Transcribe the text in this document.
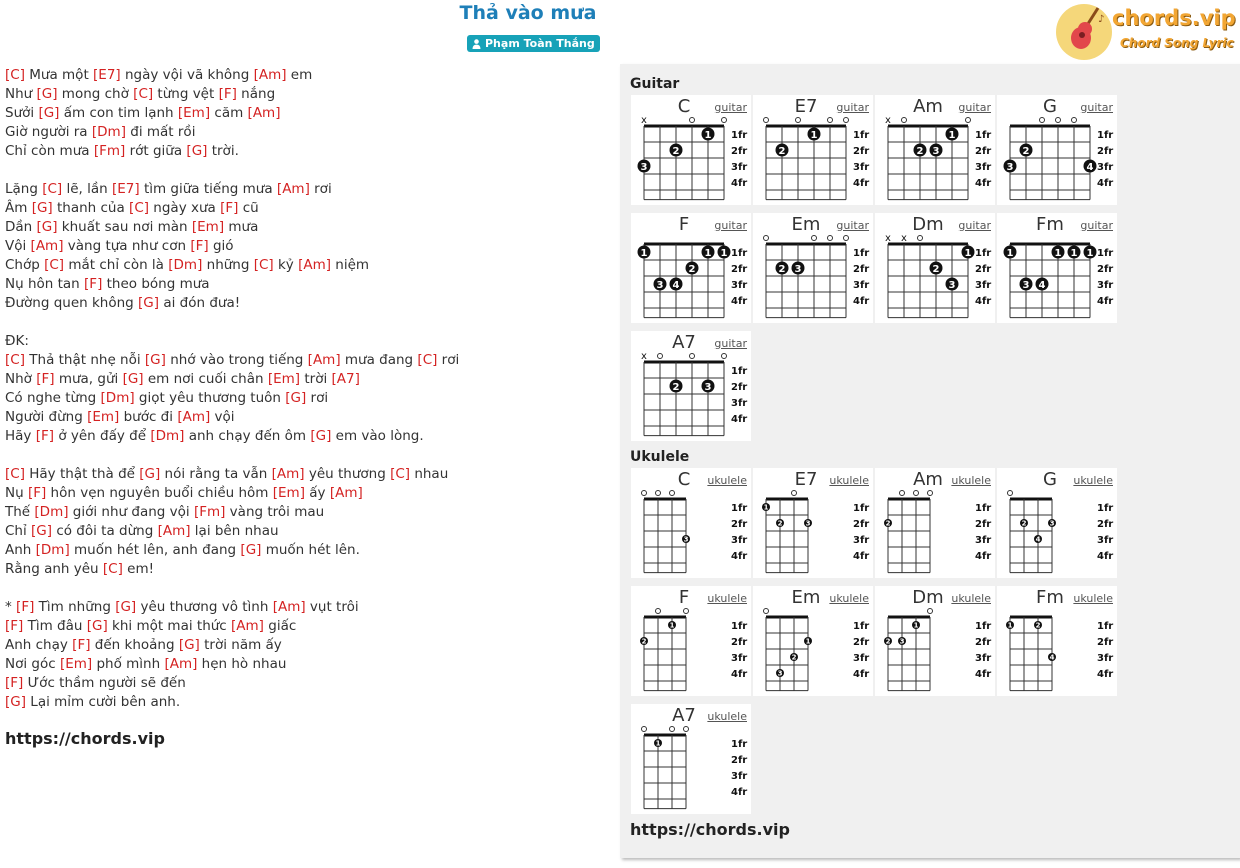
Thả vào mưa
Phạm Toàn Thắng
♪ chords.vip
Chord Song Lyric
[C] Mưa một [E7] ngày vội vã không [Am] em
Như [G] mong chờ [C] từng vệt [F] nắng
Sưởi [G] ấm con tim lạnh [Em] căm [Am]
Giờ người ra [Dm] đi mất rồi
Chỉ còn mưa [Fm] rớt giữa [G] trời.
Lặng [C] lẽ, lần [E7] tìm giữa tiếng mưa [Am] rơi
Âm [G] thanh của [C] ngày xưa [F] cũ
Dần [G] khuất sau nơi màn [Em] mưa
Vội [Am] vàng tựa như cơn [F] gió
Chớp [C] mắt chỉ còn là [Dm] những [C] kỷ [Am] niệm
Nụ hôn tan [F] theo bóng mưa
Đường quen không [G] ai đón đưa!
ĐK:
[C] Thả thật nhẹ nỗi [G] nhớ vào trong tiếng [Am] mưa đang [C] rơi
Nhờ [F] mưa, gửi [G] em nơi cuối chân [Em] trời [A7]
Có nghe từng [Dm] giọt yêu thương tuôn [G] rơi
Người đừng [Em] bước đi [Am] vội
Hãy [F] ở yên đấy để [Dm] anh chạy đến ôm [G] em vào lòng.
[C] Hãy thật thà để [G] nói rằng ta vẫn [Am] yêu thương [C] nhau
Nụ [F] hôn vẹn nguyên buổi chiều hôm [Em] ấy [Am]
Thế [Dm] giới như đang vội [Fm] vàng trôi mau
Chỉ [G] có đôi ta dừng [Am] lại bên nhau
Anh [Dm] muốn hét lên, anh đang [G] muốn hét lên.
Rằng anh yêu [C] em!
* [F] Tìm những [G] yêu thương vô tình [Am] vụt trôi
[F] Tìm đâu [G] khi một mai thức [Am] giấc
Anh chạy [F] đến khoảng [G] trời năm ấy
Nơi góc [Em] phố mình [Am] hẹn hò nhau
[F] Ước thầm người sẽ đến
[G] Lại mỉm cười bên anh.
https://chords.vip
Guitar
Ukulele
https://chords.vip
1fr
2fr
3fr
4fr
x
1
2
3
C	guitar
1fr
2fr
3fr
4fr
1
2
E7	guitar
1fr
2fr
3fr
4fr
x
1
2 3
Am	guitar
1fr
2fr
3fr
4fr
2
3	4
G	guitar
1fr
2fr
3fr
4fr
1	1 1
2
3 4
F	guitar
1fr
2fr
3fr
4fr
2 3
Em	guitar
1fr
2fr
3fr
4fr
x x
1
2
3
Dm	guitar
1fr
2fr
3fr
4fr
1	1 1 1
3 4
Fm	guitar
1fr
2fr
3fr
4fr
x
2	3
A7	guitar
1fr
2fr
3fr
4fr
3
C	ukulele
1fr
2fr
3fr
4fr
1
2	3
E7	ukulele
1fr
2fr
3fr
4fr
2
Am ukulele
1fr
2fr
3fr
4fr
2	3
4
G	ukulele
1fr
2fr
3fr
4fr
2
1
F	ukulele
1fr
2fr
3fr
4fr
1
2
3
Em ukulele
1fr
2fr
3fr
4fr
2 3
1
Dm ukulele
1fr
2fr
3fr
4fr
1	2
4
Fm ukulele
1fr
2fr
3fr
4fr
1
A7	ukulele
